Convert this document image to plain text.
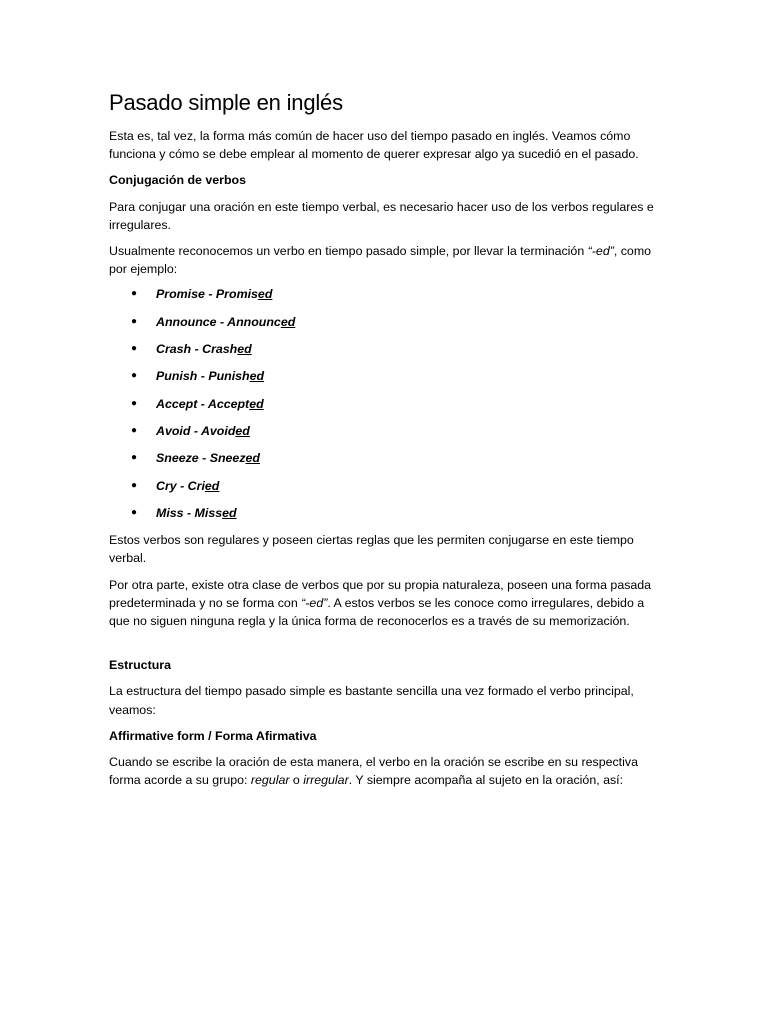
Pasado simple en inglés

Esta es, tal vez, la forma más común de hacer uso del tiempo pasado en inglés. Veamos cómo funciona y cómo se debe emplear al momento de querer expresar algo ya sucedió en el pasado.

Conjugación de verbos

Para conjugar una oración en este tiempo verbal, es necesario hacer uso de los verbos regulares e irregulares.

Usualmente reconocemos un verbo en tiempo pasado simple, por llevar la terminación “-ed”, como por ejemplo:

● Promise - Promised
● Announce - Announced
● Crash - Crashed
● Punish - Punished
● Accept - Accepted
● Avoid - Avoided
● Sneeze - Sneezed
● Cry - Cried
● Miss - Missed

Estos verbos son regulares y poseen ciertas reglas que les permiten conjugarse en este tiempo verbal.

Por otra parte, existe otra clase de verbos que por su propia naturaleza, poseen una forma pasada predeterminada y no se forma con “-ed”. A estos verbos se les conoce como irregulares, debido a que no siguen ninguna regla y la única forma de reconocerlos es a través de su memorización.

Estructura

La estructura del tiempo pasado simple es bastante sencilla una vez formado el verbo principal, veamos:

Affirmative form / Forma Afirmativa

Cuando se escribe la oración de esta manera, el verbo en la oración se escribe en su respectiva forma acorde a su grupo: regular o irregular. Y siempre acompaña al sujeto en la oración, así:
